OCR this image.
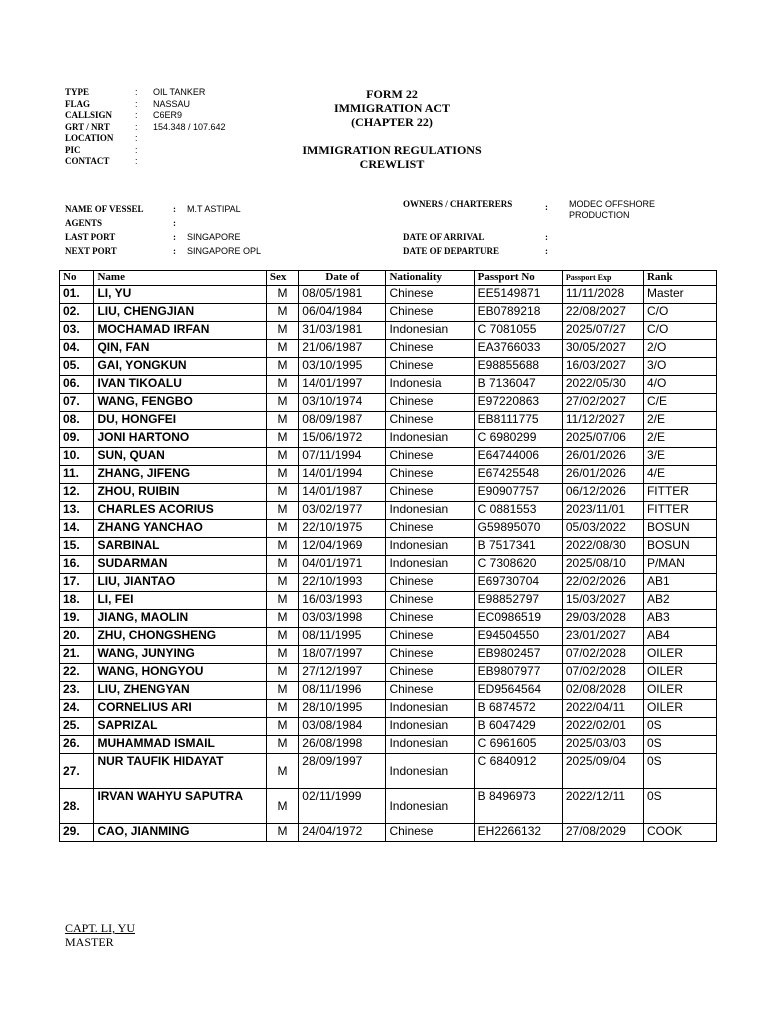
TYPE	: OIL TANKER
FLAG	: NASSAU
CALLSIGN	: C6ER9
GRT / NRT	: 154.348 / 107.642
LOCATION :
PIC	:
CONTACT	:
FORM 22
IMMIGRATION ACT
(CHAPTER 22)
IMMIGRATION REGULATIONS
CREWLIST
NAME OF VESSEL	: M.T ASTIPAL
AGENTS	:
LAST PORT	: SINGAPORE
NEXT PORT	: SINGAPORE OPL
OWNERS / CHARTERERS	: MODEC OFFSHORE PRODUCTION
DATE OF ARRIVAL	:
DATE OF DEPARTURE	:
No	Name	Sex	Date of	Nationality	Passport No	Passport Exp	Rank
01.	LI, YU	M	08/05/1981	Chinese	EE5149871	11/11/2028	Master
02.	LIU, CHENGJIAN	M	06/04/1984	Chinese	EB0789218	22/08/2027	C/O
03.	MOCHAMAD IRFAN	M	31/03/1981	Indonesian	C 7081055	2025/07/27	C/O
04.	QIN, FAN	M	21/06/1987	Chinese	EA3766033	30/05/2027	2/O
05.	GAI, YONGKUN	M	03/10/1995	Chinese	E98855688	16/03/2027	3/O
06.	IVAN TIKOALU	M	14/01/1997	Indonesia	B 7136047	2022/05/30	4/O
07.	WANG, FENGBO	M	03/10/1974	Chinese	E97220863	27/02/2027	C/E
08.	DU, HONGFEI	M	08/09/1987	Chinese	EB8111775	11/12/2027	2/E
09.	JONI HARTONO	M	15/06/1972	Indonesian	C 6980299	2025/07/06	2/E
10.	SUN, QUAN	M	07/11/1994	Chinese	E64744006	26/01/2026	3/E
11.	ZHANG, JIFENG	M	14/01/1994	Chinese	E67425548	26/01/2026	4/E
12.	ZHOU, RUIBIN	M	14/01/1987	Chinese	E90907757	06/12/2026	FITTER
13.	CHARLES ACORIUS	M	03/02/1977	Indonesian	C 0881553	2023/11/01	FITTER
14.	ZHANG YANCHAO	M	22/10/1975	Chinese	G59895070	05/03/2022	BOSUN
15.	SARBINAL	M	12/04/1969	Indonesian	B 7517341	2022/08/30	BOSUN
16.	SUDARMAN	M	04/01/1971	Indonesian	C 7308620	2025/08/10	P/MAN
17.	LIU, JIANTAO	M	22/10/1993	Chinese	E69730704	22/02/2026	AB1
18.	LI, FEI	M	16/03/1993	Chinese	E98852797	15/03/2027	AB2
19.	JIANG, MAOLIN	M	03/03/1998	Chinese	EC0986519	29/03/2028	AB3
20.	ZHU, CHONGSHENG	M	08/11/1995	Chinese	E94504550	23/01/2027	AB4
21.	WANG, JUNYING	M	18/07/1997	Chinese	EB9802457	07/02/2028	OILER
22.	WANG, HONGYOU	M	27/12/1997	Chinese	EB9807977	07/02/2028	OILER
23.	LIU, ZHENGYAN	M	08/11/1996	Chinese	ED9564564	02/08/2028	OILER
24.	CORNELIUS ARI	M	28/10/1995	Indonesian	B 6874572	2022/04/11	OILER
25.	SAPRIZAL	M	03/08/1984	Indonesian	B 6047429	2022/02/01	0S
26.	MUHAMMAD ISMAIL	M	26/08/1998	Indonesian	C 6961605	2025/03/03	0S
27.	NUR TAUFIK HIDAYAT	M	28/09/1997	Indonesian	C 6840912	2025/09/04	0S
28.	IRVAN WAHYU SAPUTRA	M	02/11/1999	Indonesian	B 8496973	2022/12/11	0S
29.	CAO, JIANMING	M	24/04/1972	Chinese	EH2266132	27/08/2029	COOK
CAPT. LI, YU
MASTER
